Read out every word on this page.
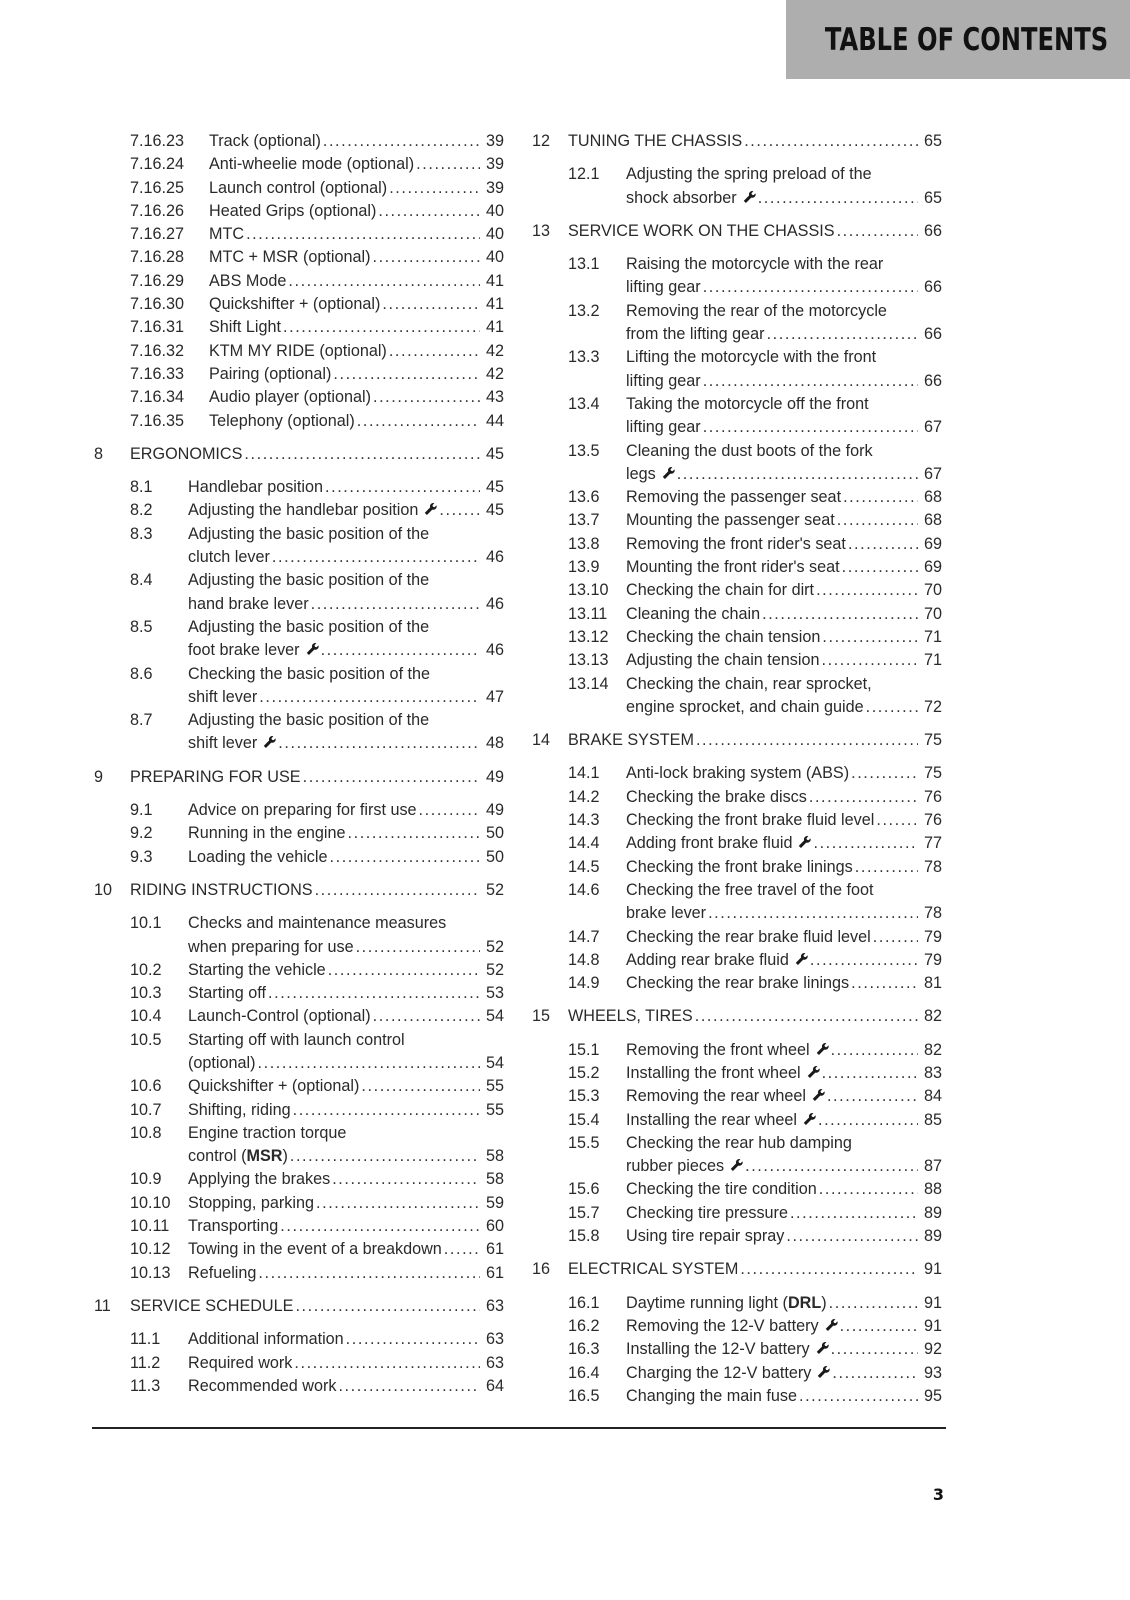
TABLE OF CONTENTS
7.16.23 Track (optional) .....	39
7.16.24 Anti-wheelie mode (optional) .....	39
7.16.25 Launch control (optional) .....	39
7.16.26 Heated Grips (optional) .....	40
7.16.27 MTC .....	40
7.16.28 MTC + MSR (optional) .....	40
7.16.29 ABS Mode .....	41
7.16.30 Quickshifter + (optional) .....	41
7.16.31 Shift Light .....	41
7.16.32 KTM MY RIDE (optional) .....	42
7.16.33 Pairing (optional) .....	42
7.16.34 Audio player (optional) .....	43
7.16.35 Telephony (optional) .....	44
8 ERGONOMICS .....	45
8.1 Handlebar position .....	45
8.2 Adjusting the handlebar position .....	45
8.3 Adjusting the basic position of the
clutch lever .....	46
8.4 Adjusting the basic position of the
hand brake lever .....	46
8.5 Adjusting the basic position of the
foot brake lever .....	46
8.6 Checking the basic position of the
shift lever .....	47
8.7 Adjusting the basic position of the
shift lever .....	48
9 PREPARING FOR USE .....	49
9.1 Advice on preparing for first use .....	49
9.2 Running in the engine .....	50
9.3 Loading the vehicle .....	50
10 RIDING INSTRUCTIONS .....	52
10.1 Checks and maintenance measures
when preparing for use .....	52
10.2 Starting the vehicle .....	52
10.3 Starting off .....	53
10.4 Launch-Control (optional) .....	54
10.5 Starting off with launch control
(optional) .....	54
10.6 Quickshifter + (optional) .....	55
10.7 Shifting, riding .....	55
10.8 Engine traction torque
control (MSR) .....	58
10.9 Applying the brakes .....	58
10.10 Stopping, parking .....	59
10.11 Transporting .....	60
10.12 Towing in the event of a breakdown .....	61
10.13 Refueling .....	61
11 SERVICE SCHEDULE .....	63
11.1 Additional information .....	63
11.2 Required work .....	63
11.3 Recommended work .....	64
12 TUNING THE CHASSIS .....	65
12.1 Adjusting the spring preload of the
shock absorber .....	65
13 SERVICE WORK ON THE CHASSIS .....	66
13.1 Raising the motorcycle with the rear
lifting gear .....	66
13.2 Removing the rear of the motorcycle
from the lifting gear .....	66
13.3 Lifting the motorcycle with the front
lifting gear .....	66
13.4 Taking the motorcycle off the front
lifting gear .....	67
13.5 Cleaning the dust boots of the fork
legs .....	67
13.6 Removing the passenger seat .....	68
13.7 Mounting the passenger seat .....	68
13.8 Removing the front rider's seat .....	69
13.9 Mounting the front rider's seat .....	69
13.10 Checking the chain for dirt .....	70
13.11 Cleaning the chain .....	70
13.12 Checking the chain tension .....	71
13.13 Adjusting the chain tension .....	71
13.14 Checking the chain, rear sprocket,
engine sprocket, and chain guide .....	72
14 BRAKE SYSTEM .....	75
14.1 Anti-lock braking system (ABS) .....	75
14.2 Checking the brake discs .....	76
14.3 Checking the front brake fluid level .....	76
14.4 Adding front brake fluid .....	77
14.5 Checking the front brake linings .....	78
14.6 Checking the free travel of the foot
brake lever .....	78
14.7 Checking the rear brake fluid level .....	79
14.8 Adding rear brake fluid .....	79
14.9 Checking the rear brake linings .....	81
15 WHEELS, TIRES .....	82
15.1 Removing the front wheel .....	82
15.2 Installing the front wheel .....	83
15.3 Removing the rear wheel .....	84
15.4 Installing the rear wheel .....	85
15.5 Checking the rear hub damping
rubber pieces .....	87
15.6 Checking the tire condition .....	88
15.7 Checking tire pressure .....	89
15.8 Using tire repair spray .....	89
16 ELECTRICAL SYSTEM .....	91
16.1 Daytime running light (DRL) .....	91
16.2 Removing the 12-V battery .....	91
16.3 Installing the 12-V battery .....	92
16.4 Charging the 12-V battery .....	93
16.5 Changing the main fuse .....	95
3
